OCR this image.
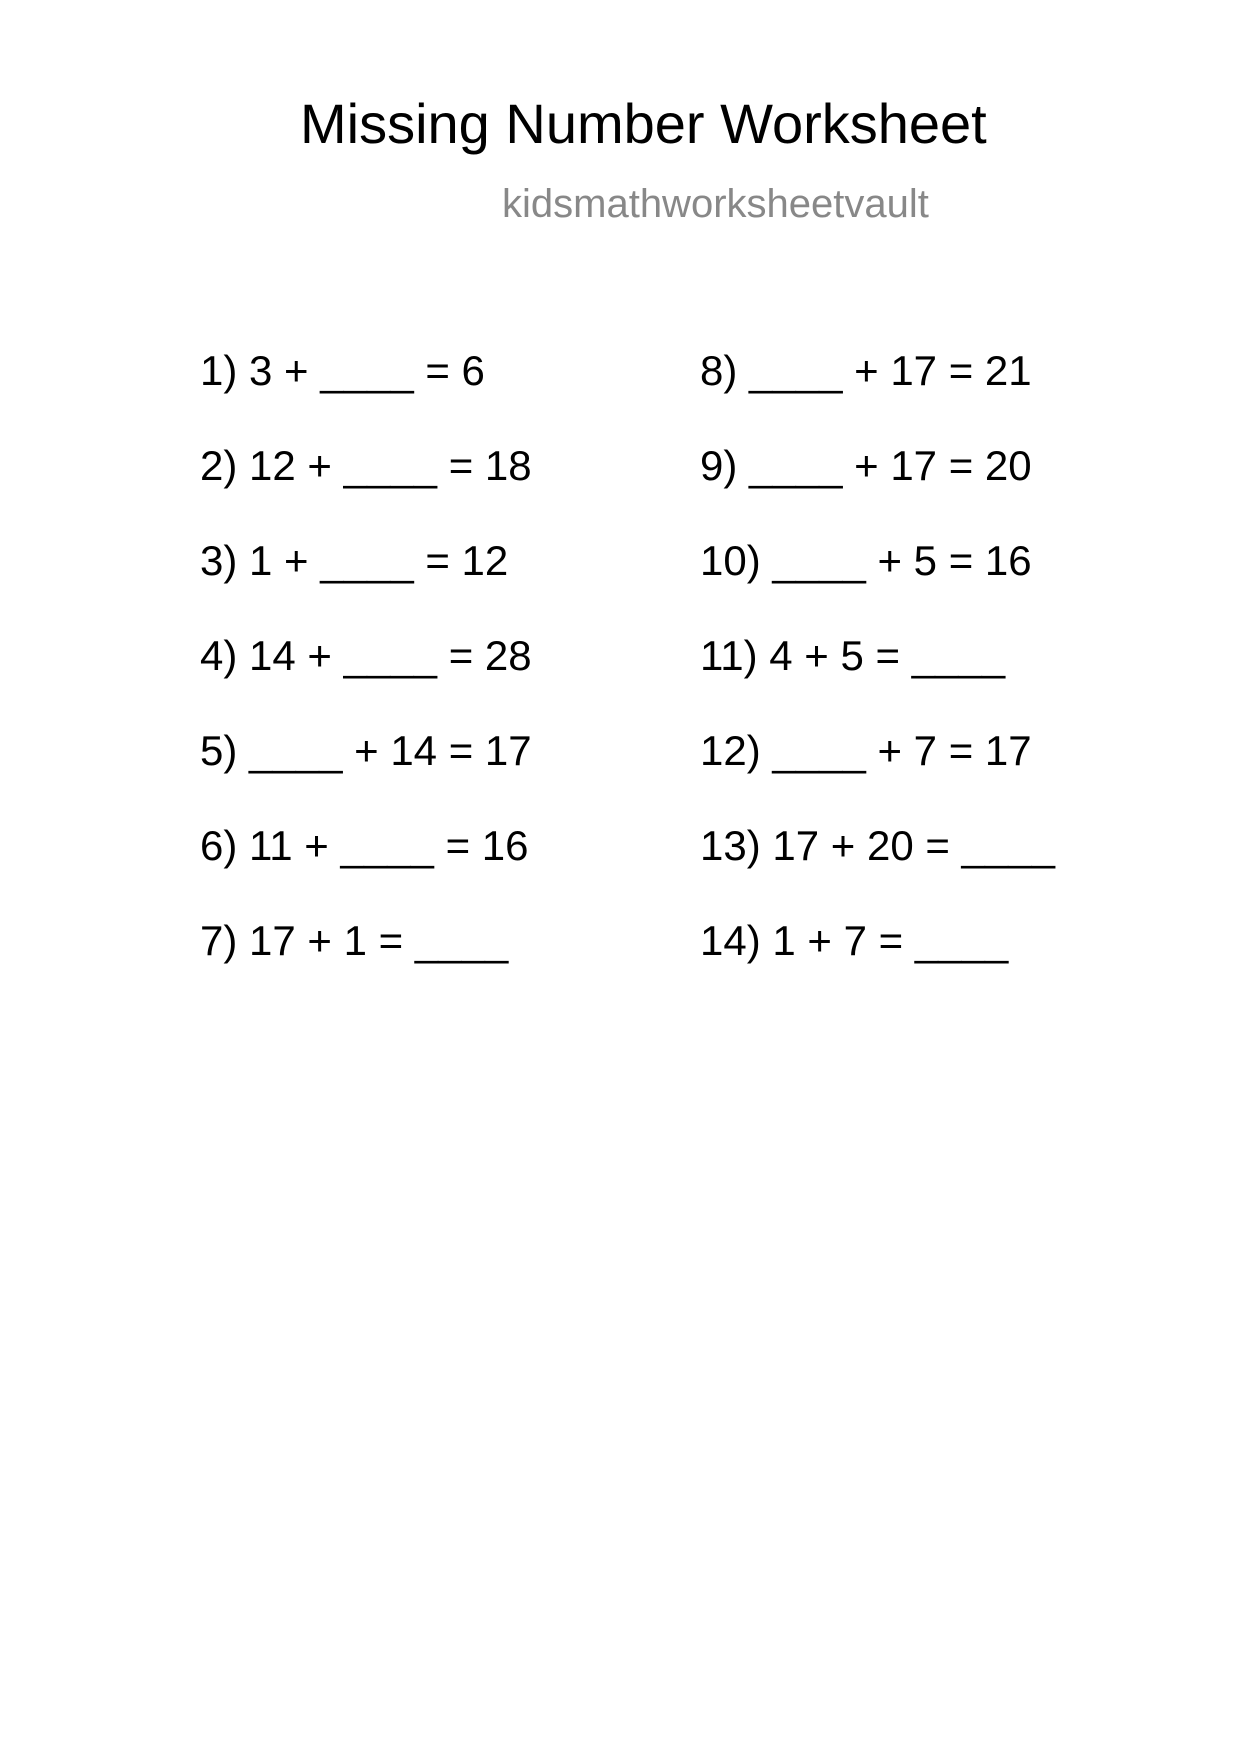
Missing Number Worksheet
kidsmathworksheetvault
1) 3 + ____ = 6
2) 12 + ____ = 18
3) 1 + ____ = 12
4) 14 + ____ = 28
5) ____ + 14 = 17
6) 11 + ____ = 16
7) 17 + 1 = ____
8) ____ + 17 = 21
9) ____ + 17 = 20
10) ____ + 5 = 16
11) 4 + 5 = ____
12) ____ + 7 = 17
13) 17 + 20 = ____
14) 1 + 7 = ____
